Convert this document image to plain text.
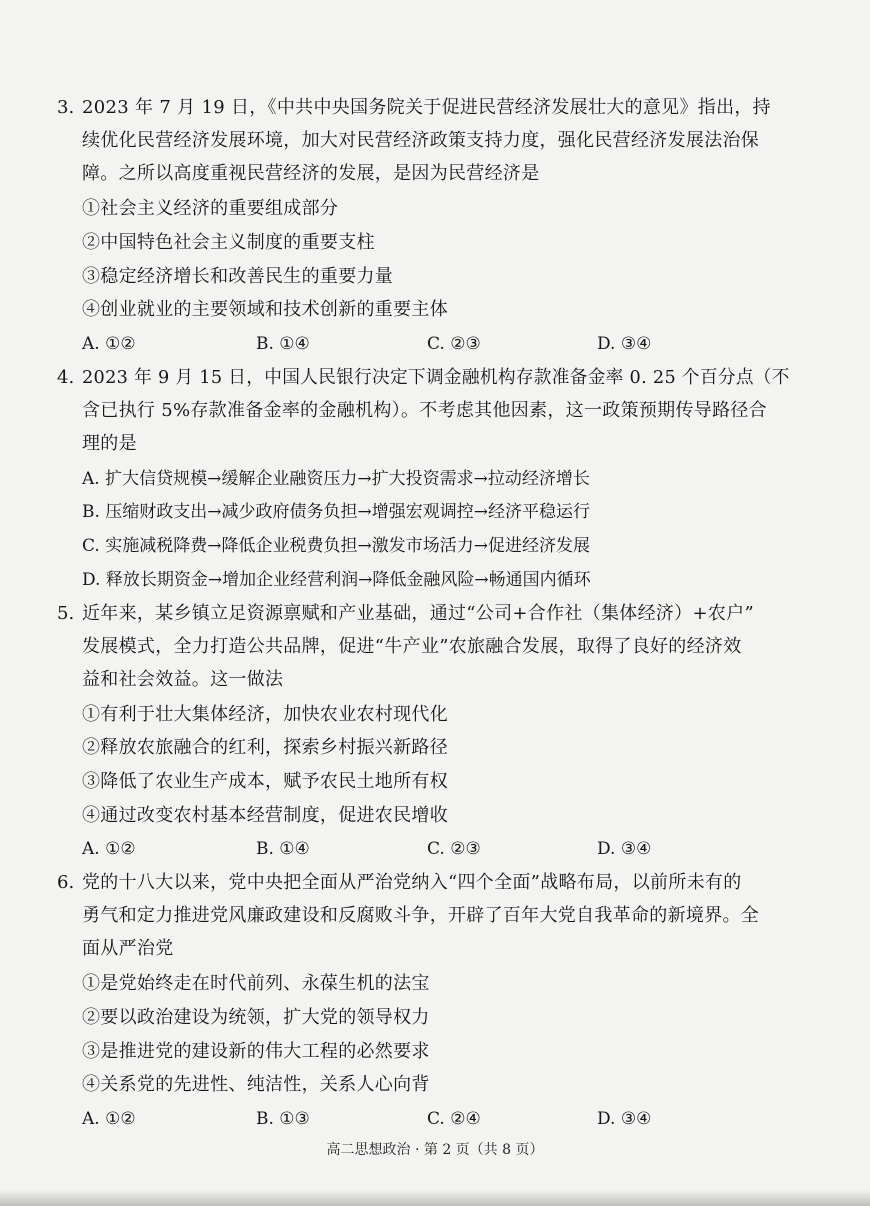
3. 2023 年 7 月 19 日，《中共中央国务院关于促进民营经济发展壮大的意见》指出，持
续优化民营经济发展环境，加大对民营经济政策支持力度，强化民营经济发展法治保
障。之所以高度重视民营经济的发展，是因为民营经济是
①社会主义经济的重要组成部分
②中国特色社会主义制度的重要支柱
③稳定经济增长和改善民生的重要力量
④创业就业的主要领域和技术创新的重要主体
A. ①②	B. ①④	C. ②③	D. ③④
4. 2023 年 9 月 15 日，中国人民银行决定下调金融机构存款准备金率 0. 25 个百分点（不
含已执行 5%存款准备金率的金融机构）。不考虑其他因素，这一政策预期传导路径合
理的是
A. 扩大信贷规模→缓解企业融资压力→扩大投资需求→拉动经济增长
B. 压缩财政支出→减少政府债务负担→增强宏观调控→经济平稳运行
C. 实施减税降费→降低企业税费负担→激发市场活力→促进经济发展
D. 释放长期资金→增加企业经营利润→降低金融风险→畅通国内循环
5. 近年来，某乡镇立足资源禀赋和产业基础，通过“公司+合作社（集体经济）+农户”
发展模式，全力打造公共品牌，促进“牛产业”农旅融合发展，取得了良好的经济效
益和社会效益。这一做法
①有利于壮大集体经济，加快农业农村现代化
②释放农旅融合的红利，探索乡村振兴新路径
③降低了农业生产成本，赋予农民土地所有权
④通过改变农村基本经营制度，促进农民增收
A. ①②	B. ①④	C. ②③	D. ③④
6. 党的十八大以来，党中央把全面从严治党纳入“四个全面”战略布局，以前所未有的
勇气和定力推进党风廉政建设和反腐败斗争，开辟了百年大党自我革命的新境界。全
面从严治党
①是党始终走在时代前列、永葆生机的法宝
②要以政治建设为统领，扩大党的领导权力
③是推进党的建设新的伟大工程的必然要求
④关系党的先进性、纯洁性，关系人心向背
A. ①②	B. ①③	C. ②④	D. ③④
高二思想政治 · 第 2 页（共 8 页）
